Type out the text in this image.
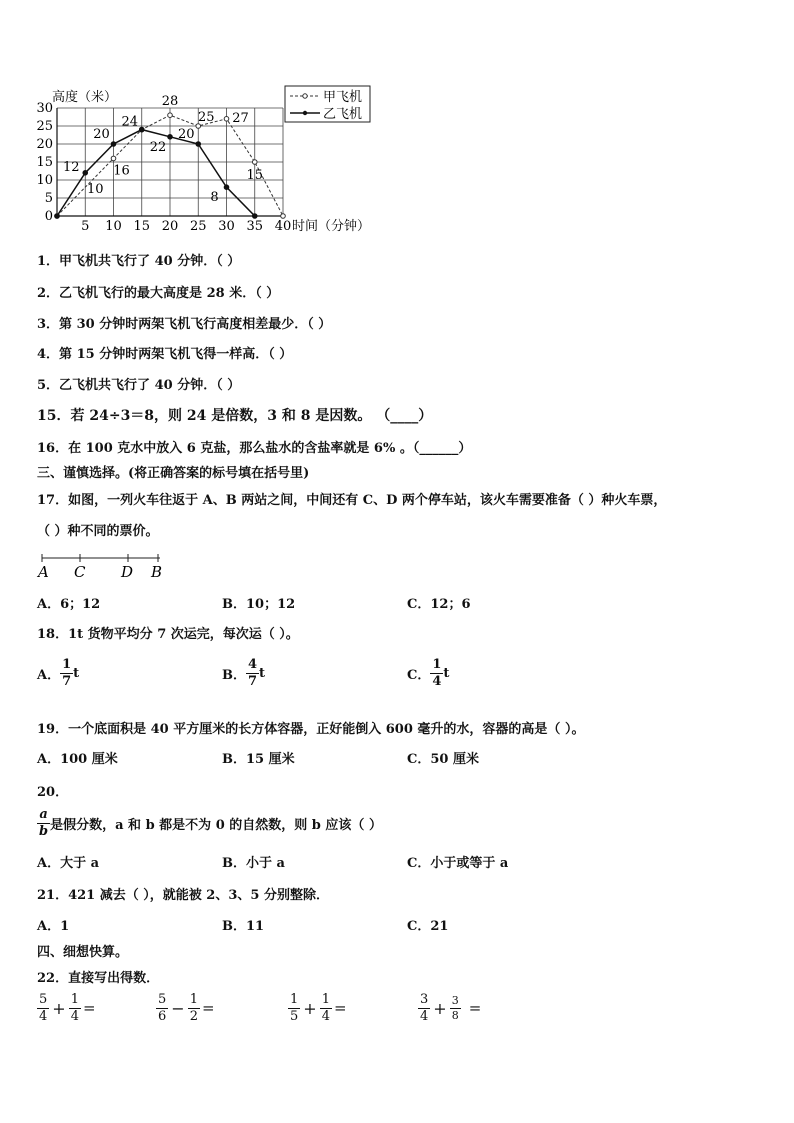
高度（米）
0
5
10
15
20
25
30
5 10 15 20 25 30 35 40 时间（分钟）
16
28
25 27
15
12
20
24
22
20
8
10
甲飞机
乙飞机
1．甲飞机共飞行了 40 分钟．（ ）
2．乙飞机飞行的最大高度是 28 米．（ ）
3．第 30 分钟时两架飞机飞行高度相差最少．（ ）
4．第 15 分钟时两架飞机飞得一样高．（ ）
5．乙飞机共飞行了 40 分钟．（ ）
15．若 24÷3＝8，则 24 是倍数，3 和 8 是因数。 （____）
16．在 100 克水中放入 6 克盐，那么盐水的含盐率就是 6% 。（______）
三、谨慎选择。(将正确答案的标号填在括号里)
17．如图，一列火车往返于 A、B 两站之间，中间还有 C、D 两个停车站，该火车需要准备（ ）种火车票，
（ ）种不同的票价。
A C D B
A．6；12	B．10；12	C．12；6
18．1t 货物平均分 7 次运完，每次运（ ）。
A． $\frac{1}{7}$ t	B． $\frac{4}{7}$ t	C． $\frac{1}{4}$ t
19．一个底面积是 40 平方厘米的长方体容器，正好能倒入 600 毫升的水，容器的高是（ ）。
A．100 厘米	B．15 厘米	C．50 厘米
20．
$\frac{a}{b}$ 是假分数，a 和 b 都是不为 0 的自然数，则 b 应该（ ）
A．大于 a	B．小于 a	C．小于或等于 a
21．421 减去（ ），就能被 2、3、5 分别整除．
A．1	B．11	C．21
四、细想快算。
22．直接写出得数．
$\frac{5}{4} + \frac{1}{4}$ =	$\frac{5}{6} - \frac{1}{2}$ =	$\frac{1}{5} + \frac{1}{4}$ =	$\frac{3}{4} + \frac{3}{8}$ =
